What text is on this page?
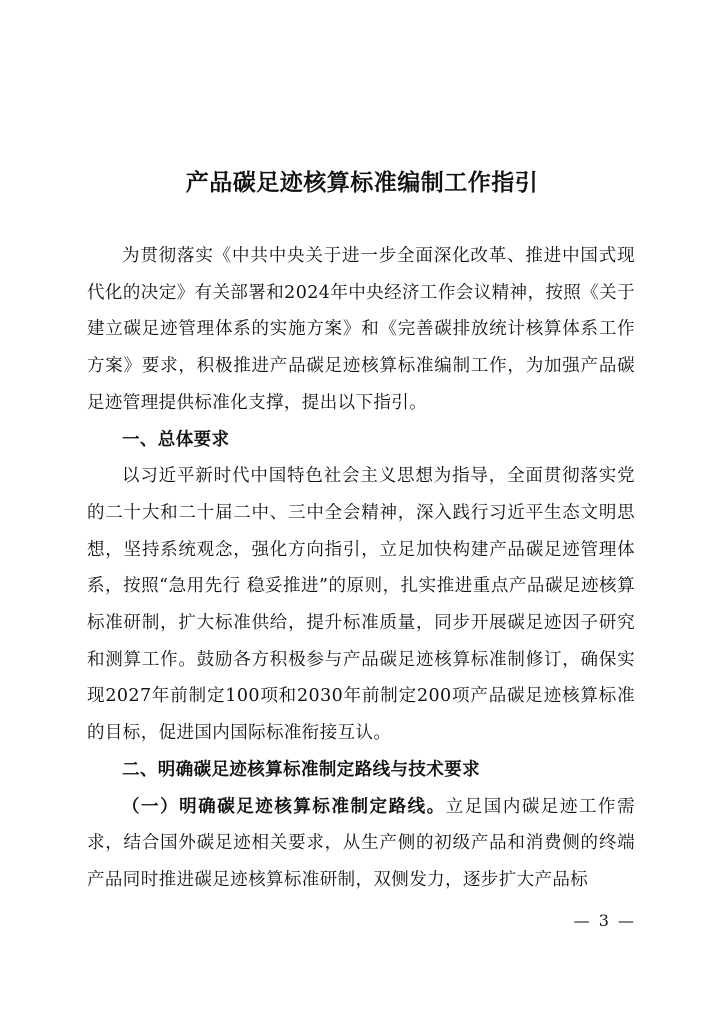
产品碳足迹核算标准编制工作指引

为贯彻落实《中共中央关于进一步全面深化改革、推进中国式现代化的决定》有关部署和2024年中央经济工作会议精神，按照《关于建立碳足迹管理体系的实施方案》和《完善碳排放统计核算体系工作方案》要求，积极推进产品碳足迹核算标准编制工作，为加强产品碳足迹管理提供标准化支撑，提出以下指引。

一、总体要求

以习近平新时代中国特色社会主义思想为指导，全面贯彻落实党的二十大和二十届二中、三中全会精神，深入践行习近平生态文明思想，坚持系统观念，强化方向指引，立足加快构建产品碳足迹管理体系，按照“急用先行 稳妥推进”的原则，扎实推进重点产品碳足迹核算标准研制，扩大标准供给，提升标准质量，同步开展碳足迹因子研究和测算工作。鼓励各方积极参与产品碳足迹核算标准制修订，确保实现2027年前制定100项和2030年前制定200项产品碳足迹核算标准的目标，促进国内国际标准衔接互认。

二、明确碳足迹核算标准制定路线与技术要求

（一）明确碳足迹核算标准制定路线。立足国内碳足迹工作需求，结合国外碳足迹相关要求，从生产侧的初级产品和消费侧的终端产品同时推进碳足迹核算标准研制，双侧发力，逐步扩大产品标

— 3 —
